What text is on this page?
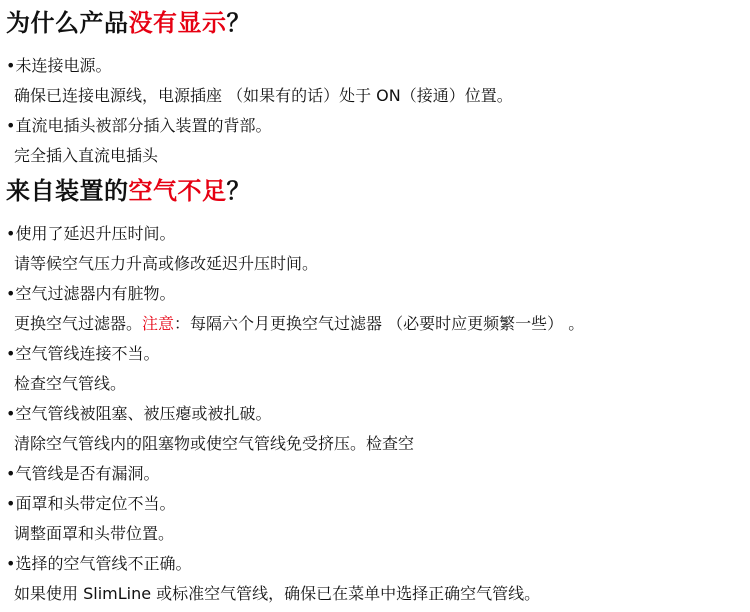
为什么产品没有显示？
•未连接电源。
确保已连接电源线，电源插座 （如果有的话）处于 ON（接通）位置。
•直流电插头被部分插入装置的背部。
完全插入直流电插头
来自装置的空气不足？
•使用了延迟升压时间。
请等候空气压力升高或修改延迟升压时间。
•空气过滤器内有脏物。
更换空气过滤器。注意：每隔六个月更换空气过滤器 （必要时应更频繁一些） 。
•空气管线连接不当。
检查空气管线。
•空气管线被阻塞、被压瘪或被扎破。
清除空气管线内的阻塞物或使空气管线免受挤压。检查空
•气管线是否有漏洞。
•面罩和头带定位不当。
调整面罩和头带位置。
•选择的空气管线不正确。
如果使用 SlimLine 或标准空气管线，确保已在菜单中选择正确空气管线。
